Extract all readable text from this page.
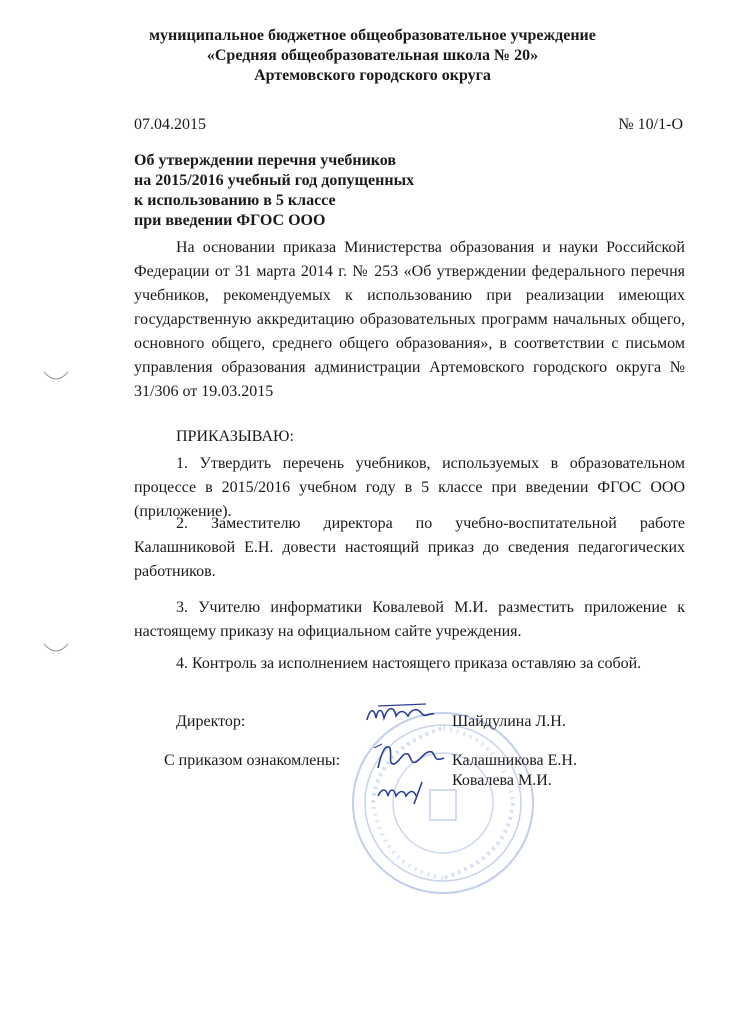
муниципальное бюджетное общеобразовательное учреждение
«Средняя общеобразовательная школа № 20»
Артемовского городского округа
07.04.2015	№ 10/1-О
Об утверждении перечня учебников
на 2015/2016 учебный год допущенных
к использованию в 5 классе
при введении ФГОС ООО
На основании приказа Министерства образования и науки Российской Федерации от 31 марта 2014 г. № 253 «Об утверждении федерального перечня учебников, рекомендуемых к использованию при реализации имеющих государственную аккредитацию образовательных программ начальных общего, основного общего, среднего общего образования», в соответствии с письмом управления образования администрации Артемовского городского округа № 31/306 от 19.03.2015
ПРИКАЗЫВАЮ:
1. Утвердить перечень учебников, используемых в образовательном процессе в 2015/2016 учебном году в 5 классе при введении ФГОС ООО (приложение).
2. Заместителю директора по учебно-воспитательной работе Калашниковой Е.Н. довести настоящий приказ до сведения педагогических работников.
3. Учителю информатики Ковалевой М.И. разместить приложение к настоящему приказу на официальном сайте учреждения.
4. Контроль за исполнением настоящего приказа оставляю за собой.
Директор:	Шайдулина Л.Н.
С приказом ознакомлены:	Калашникова Е.Н.
Ковалева М.И.
